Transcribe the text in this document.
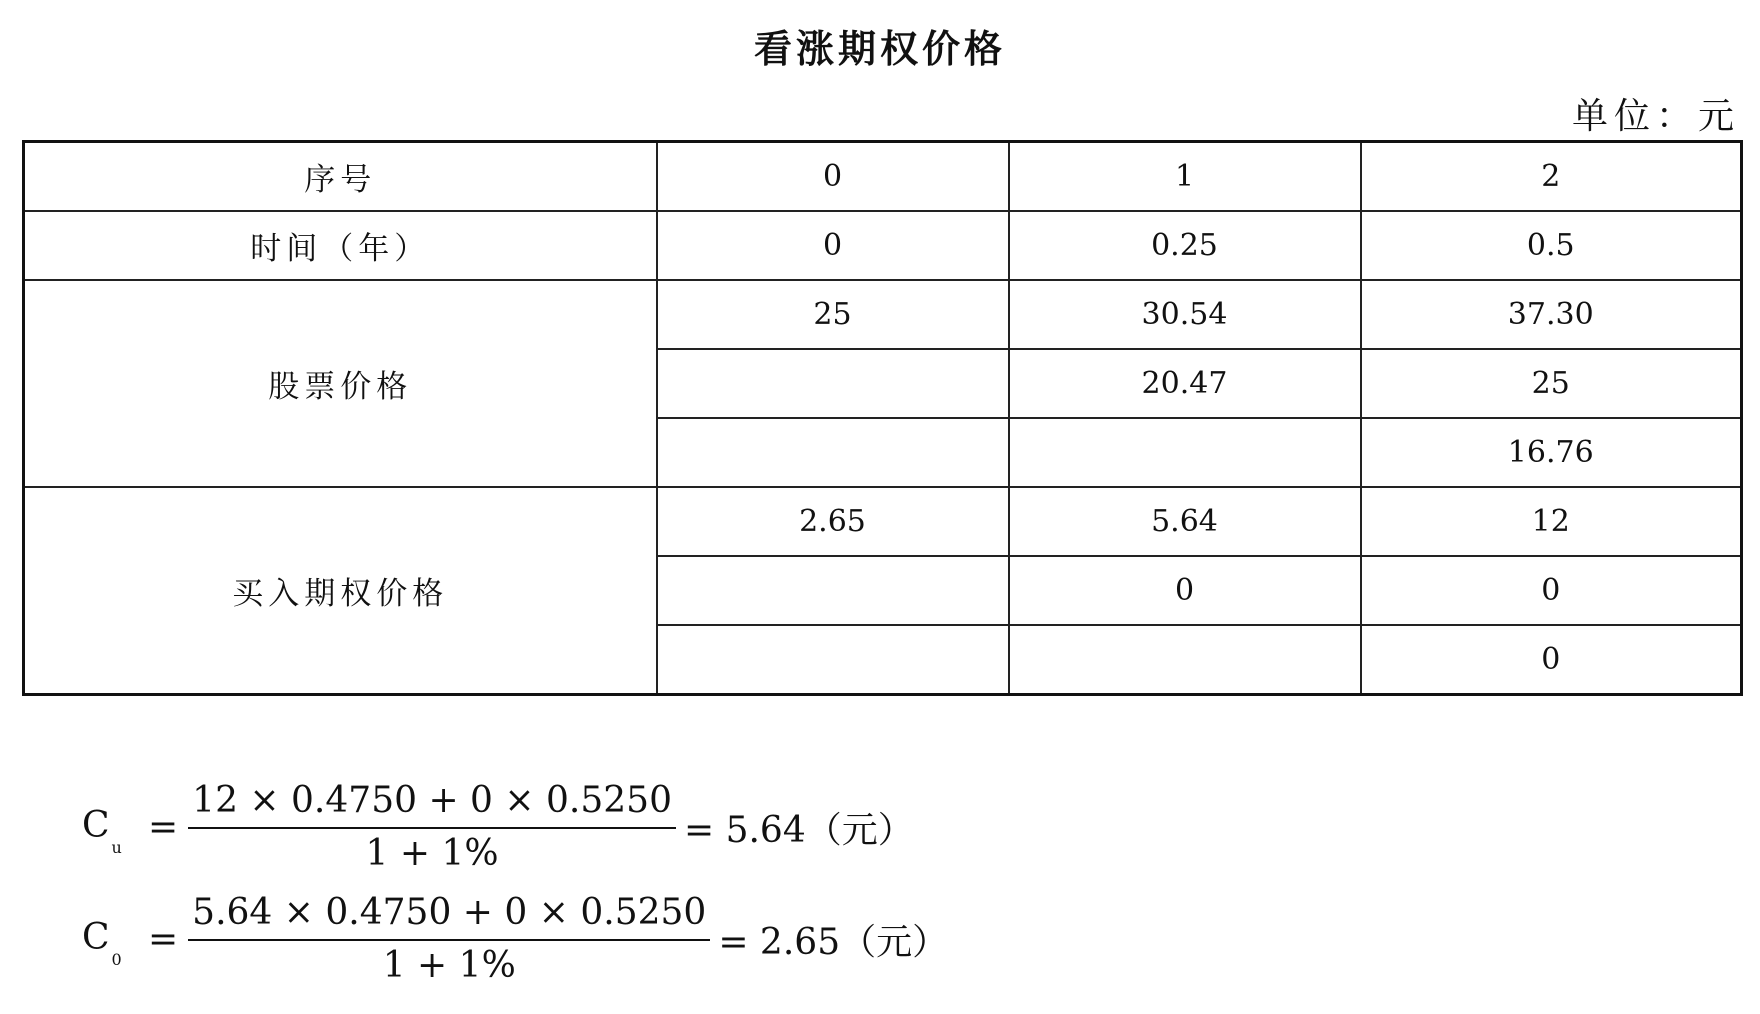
看涨期权价格
单位：元
序号	0	1	2
时间（年）	0	0.25	0.5
股票价格	25	30.54	37.30
		20.47	25
			16.76
买入期权价格	2.65	5.64	12
		0	0
			0
$C_u$
= $\frac{12 \times 0.4750 + 0 \times 0.5250}{1 + 1\%} = 5.64$（元）
$C_0$
= $\frac{5.64 \times 0.4750 + 0 \times 0.5250}{1 + 1\%} = 2.65$（元）
